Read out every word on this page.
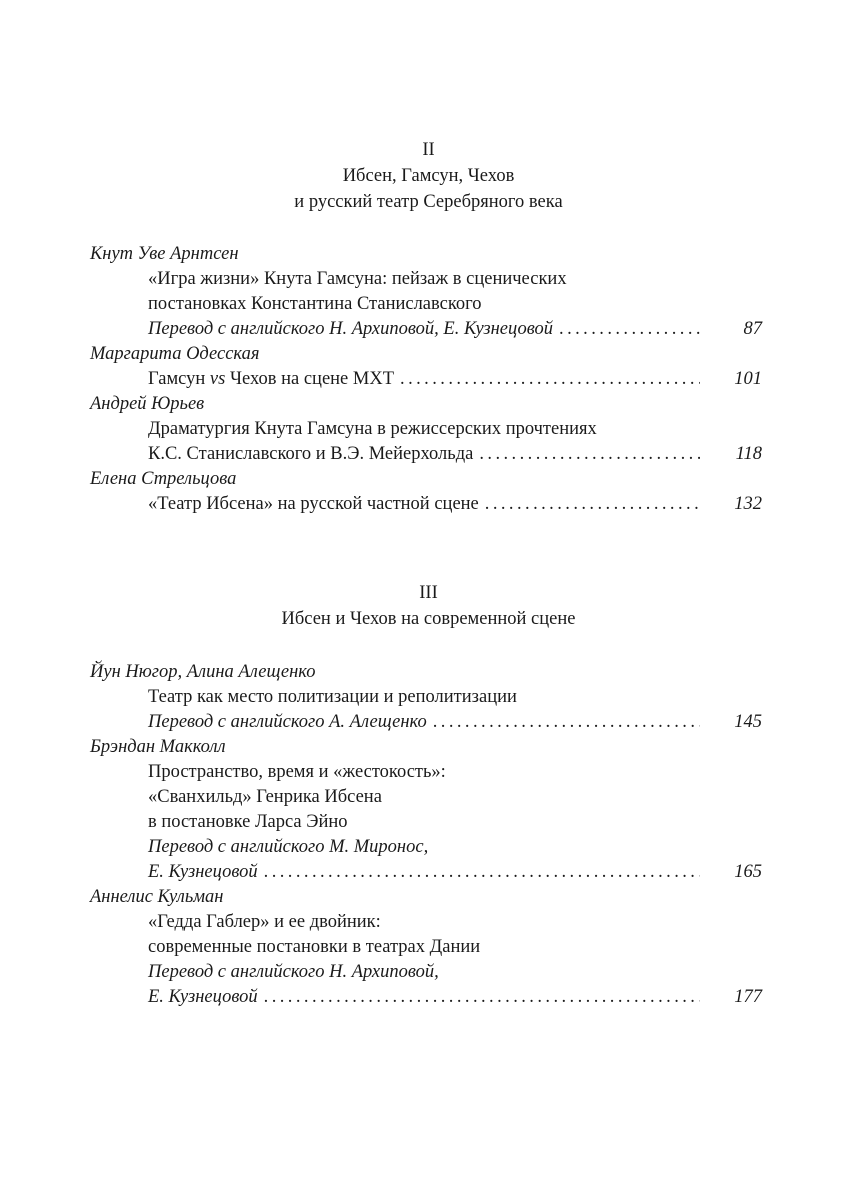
II
Ибсен, Гамсун, Чехов
и русский театр Серебряного века
Кнут Уве Арнтсен
«Игра жизни» Кнута Гамсуна: пейзаж в сценических
постановках Константина Станиславского
Перевод с английского Н. Архиповой, Е. Кузнецовой . . .	87
Маргарита Одесская
Гамсун vs Чехов на сцене МХТ . . .	101
Андрей Юрьев
Драматургия Кнута Гамсуна в режиссерских прочтениях
К.С. Станиславского и В.Э. Мейерхольда . . .	118
Елена Стрельцова
«Театр Ибсена» на русской частной сцене . . .	132
III
Ибсен и Чехов на современной сцене
Йун Нюгор, Алина Алещенко
Театр как место политизации и реполитизации
Перевод с английского А. Алещенко . . .	145
Брэндан Макколл
Пространство, время и «жестокость»:
«Сванхильд» Генрика Ибсена
в постановке Ларса Эйно
Перевод с английского М. Миронос,
Е. Кузнецовой . . .	165
Аннелис Кульман
«Гедда Габлер» и ее двойник:
современные постановки в театрах Дании
Перевод с английского Н. Архиповой,
Е. Кузнецовой . . .	177
